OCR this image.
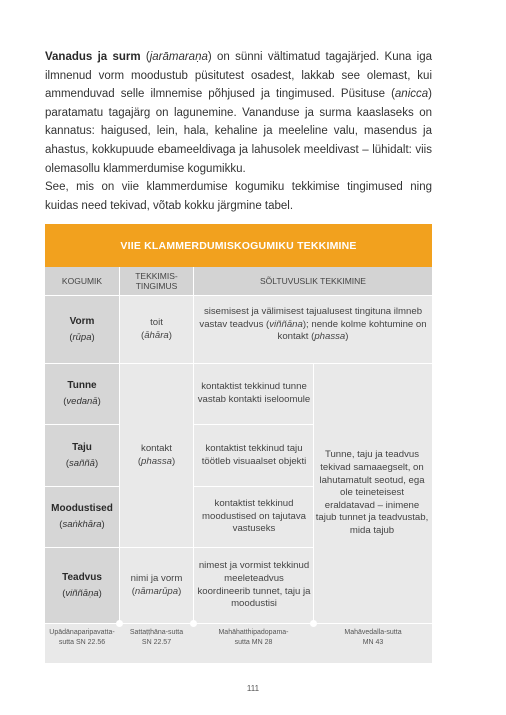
Vanadus ja surm (jarāmaraṇa) on sünni vältimatud tagajärjed. Kuna iga ilmnenud vorm moodustub püsitutest osadest, lakkab see olemast, kui ammenduvad selle ilmnemise põhjused ja tingimused. Püsituse (anicca) paratamatu tagajärg on lagunemine. Vananduse ja surma kaaslaseks on kannatus: haigused, lein, hala, kehaline ja meeleline valu, masendus ja ahastus, kokkupuude ebameeldivaga ja lahusolek meeldivast – lühidalt: viis olemasollu klammerdumise kogumikku.

See, mis on viie klammerdumise kogumiku tekkimise tingimused ning kuidas need tekivad, võtab kokku järgmine tabel.

VIIE KLAMMERDUMISKOGUMIKU TEKKIMINE
KOGUMIK	TEKKIMIS-
TINGIMUS	SÕLTUVUSLIK TEKKIMINE
Vorm
(rūpa)
Tunne
(vedanā)
Taju
(saññā)
Moodustised
(saṅkhāra)
Teadvus
(viññāṇa)
toit
(āhāra)
kontakt
(phassa)
nimi ja vorm
(nāmarūpa)
sisemisest ja välimisest tajualusest tingituna ilmneb vastav teadvus (viññāna); nende kolme kohtumine on kontakt (phassa)
kontaktist tekkinud tunne vastab kontakti iseloomule
kontaktist tekkinud taju töötleb visuaalset objekti
kontaktist tekkinud moodustised on tajutava vastuseks
nimest ja vormist tekkinud meeleteadvus koordineerib tunnet, taju ja moodustisi
Tunne, taju ja teadvus tekivad samaaegselt, on lahutamatult seotud, ega ole teineteisest eraldatavad – inimene tajub tunnet ja teadvustab, mida tajub
Upādānaparipavatta-
sutta SN 22.56
Sattaṭṭhāna-sutta
SN 22.57
Mahāhatthipadopama-
sutta MN 28
Mahāvedalla-sutta
MN 43
111
